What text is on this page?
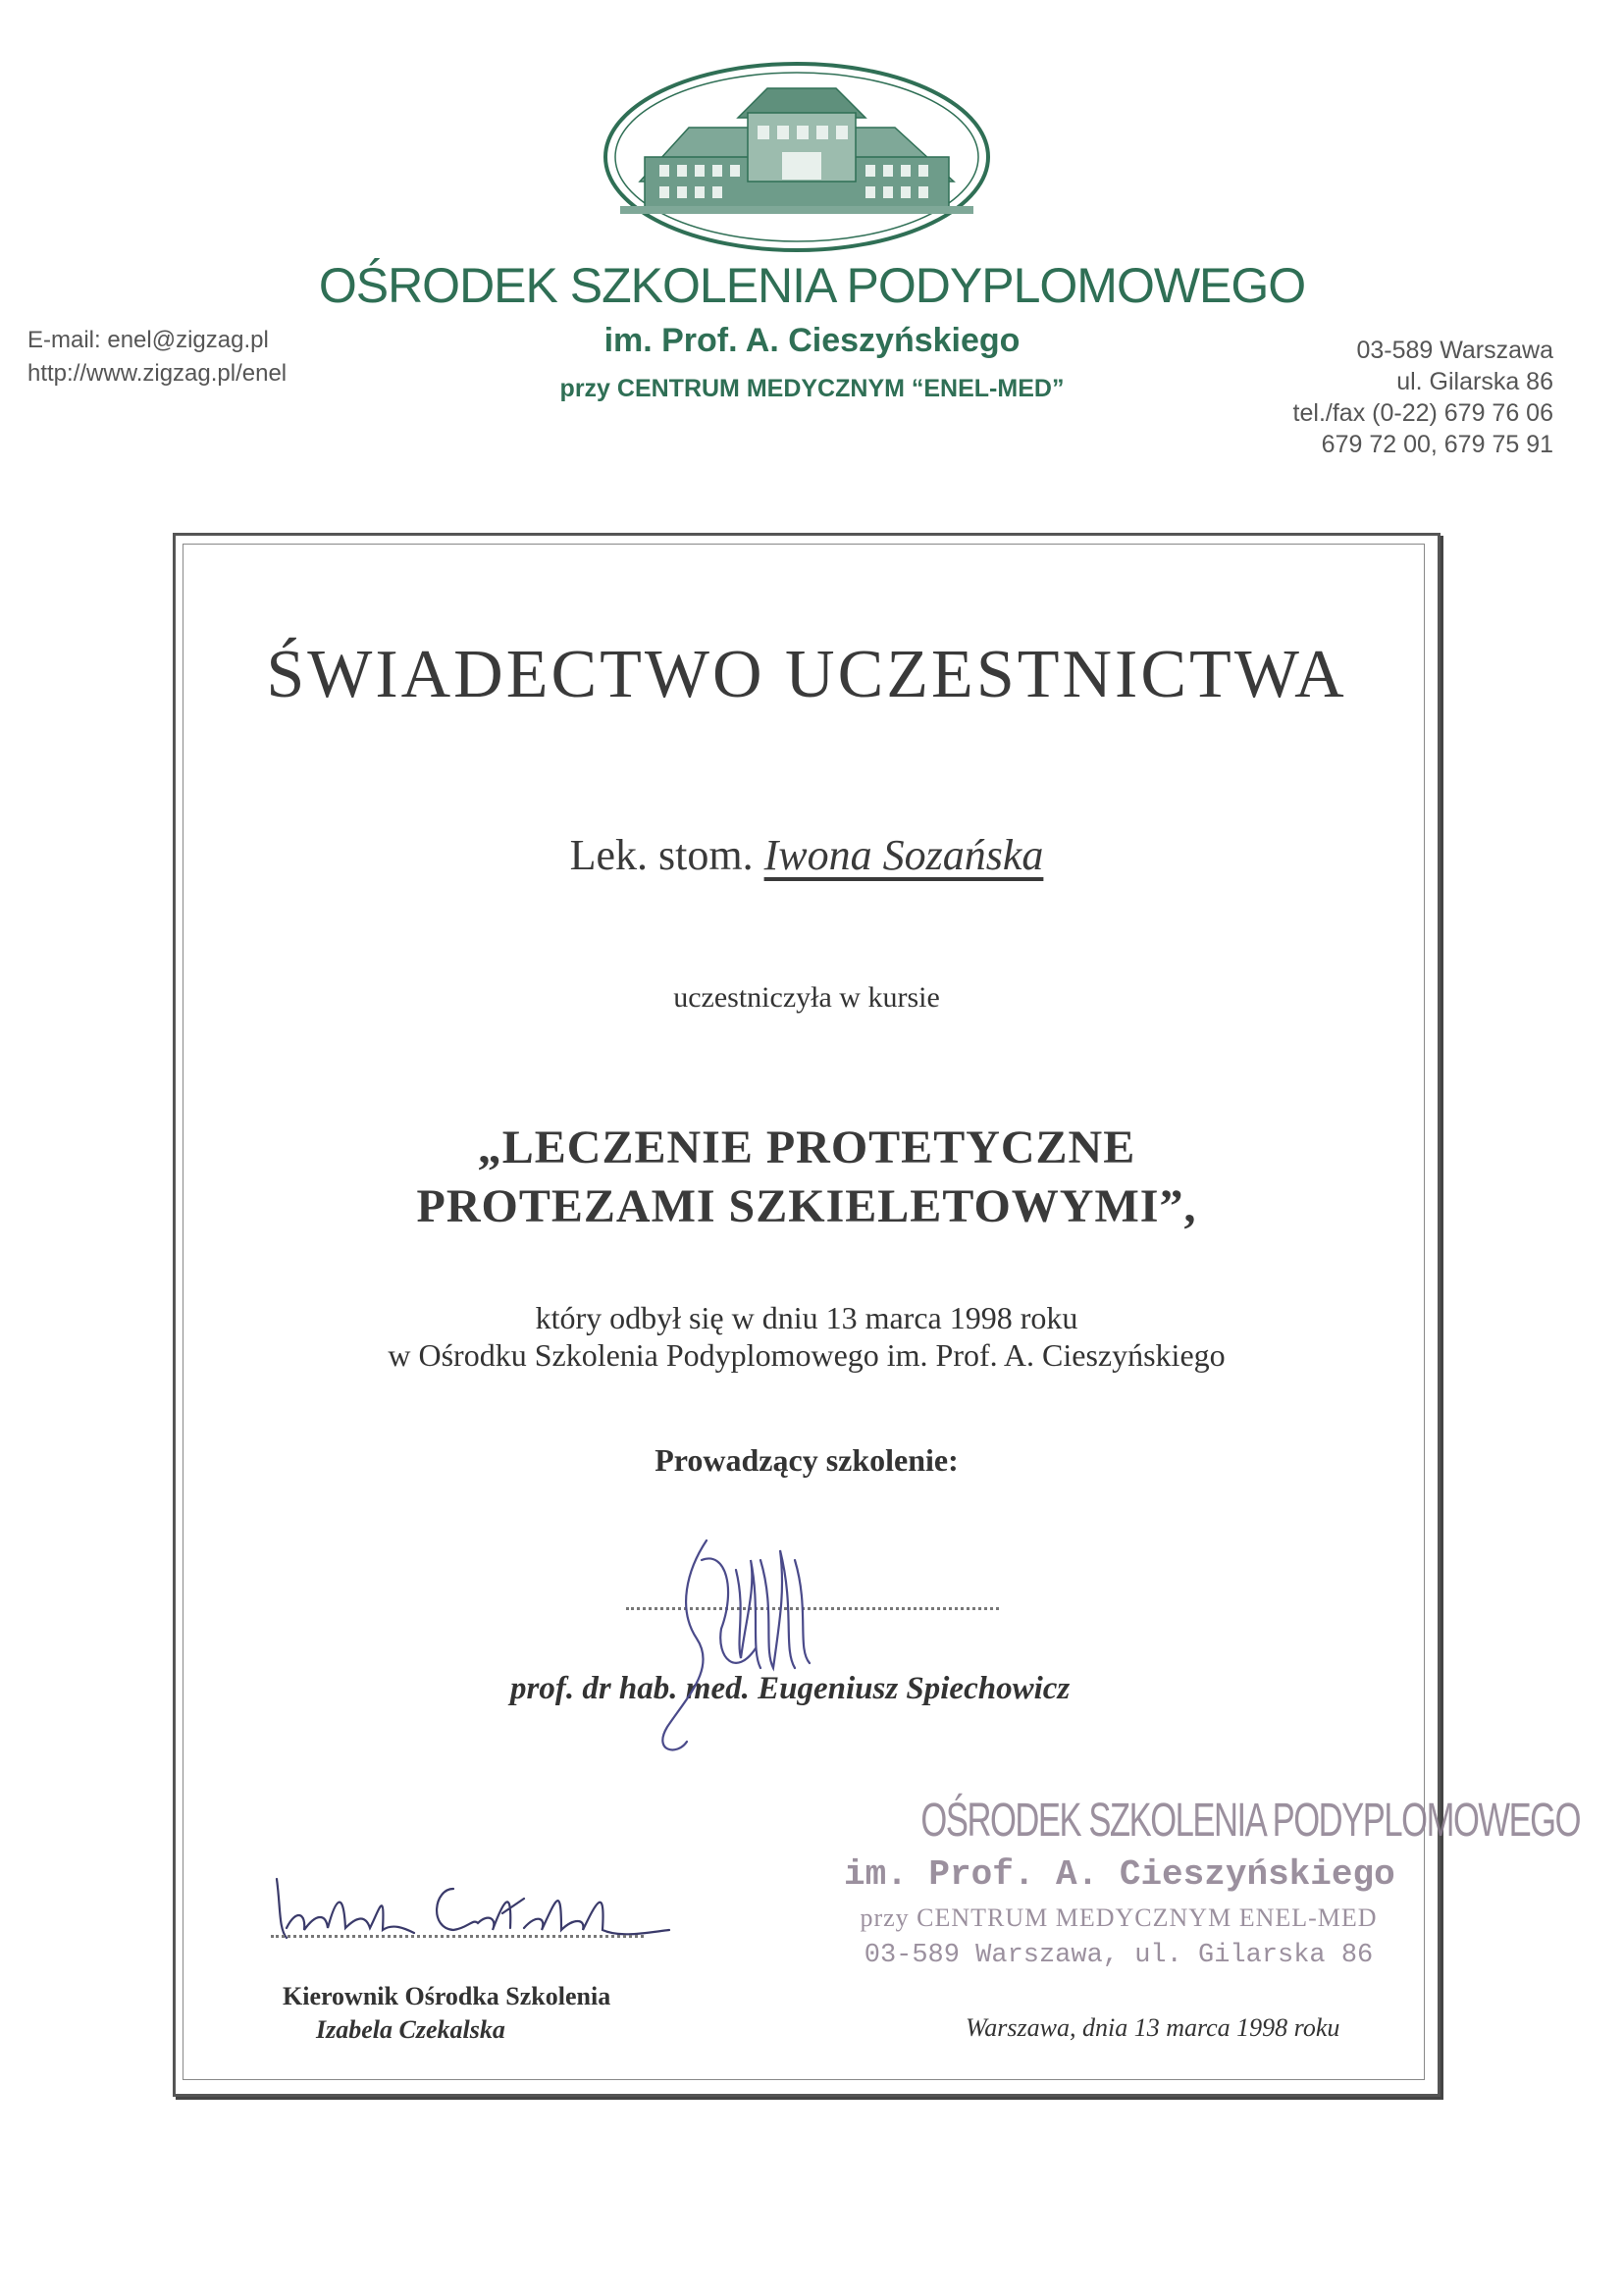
OŚRODEK SZKOLENIA PODYPLOMOWEGO
im. Prof. A. Cieszyńskiego
przy CENTRUM MEDYCZNYM “ENEL-MED”
E-mail: enel@zigzag.pl
http://www.zigzag.pl/enel
03-589 Warszawa
ul. Gilarska 86
tel./fax (0-22) 679 76 06
679 72 00, 679 75 91
ŚWIADECTWO UCZESTNICTWA
Lek. stom. Iwona Sozańska
uczestniczyła w kursie
„LECZENIE PROTETYCZNE
PROTEZAMI SZKIELETOWYMI”,
który odbył się w dniu 13 marca 1998 roku
w Ośrodku Szkolenia Podyplomowego im. Prof. A. Cieszyńskiego
Prowadzący szkolenie:
OŚRODEK SZKOLENIA PODYPLOMOWEGO
im. Prof. A. Cieszyńskiego
przy CENTRUM MEDYCZNYM ENEL-MED
03-589 Warszawa, ul. Gilarska 86
prof. dr hab. med. Eugeniusz Spiechowicz
Kierownik Ośrodka Szkolenia
Izabela Czekalska	Warszawa, dnia 13 marca 1998 roku
